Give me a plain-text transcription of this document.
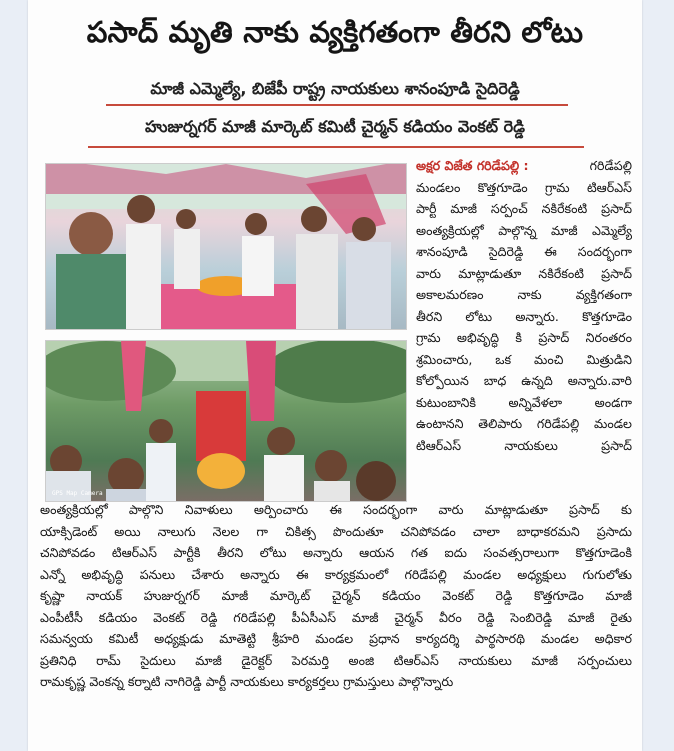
పసాద్ మృతి నాకు వ్యక్తిగతంగా తీరని లోటు
మాజీ ఎమ్మెల్యే, బిజేపీ రాష్ట్ర నాయకులు శానంపూడి సైదిరెడ్డి
హుజుర్నగర్ మాజీ మార్కెట్ కమిటీ చైర్మన్ కడియం వెంకట్ రెడ్డి
GPS Map Camera
అక్షర విజేత గరిడేపల్లి :	గరిడేపల్లి
మండలం కొత్తగూడెం గ్రామ టిఆర్ఎస్
పార్టీ మాజీ సర్పంచ్ నకిరేకంటి ప్రసాద్
అంత్యక్రియల్లో పాల్గొన్న మాజీ ఎమ్మెల్యే
శానంపూడి సైదిరెడ్డి ఈ సందర్భంగా
వారు మాట్లాడుతూ నకిరేకంటి ప్రసాద్
అకాలమరణం నాకు వ్యక్తిగతంగా
తీరని లోటు అన్నారు. కొత్తగూడెం
గ్రామ అభివృద్ధి కి ప్రసాద్ నిరంతరం
శ్రమించారు, ఒక మంచి మిత్రుడిని
కోల్పోయిన బాధ ఉన్నది అన్నారు.వారి
కుటుంబానికి అన్నివేళలా అండగా
ఉంటానని తెలిపారు గరిడేపల్లి మండల
టిఆర్ఎస్ నాయకులు ప్రసాద్
అంత్యక్రియల్లో పాల్గొని నివాళులు అర్పించారు ఈ సందర్భంగా వారు మాట్లాడుతూ ప్రసాద్ కు
యాక్సిడెంట్ అయి నాలుగు నెలల గా చికిత్స పొందుతూ చనిపోవడం చాలా బాధాకరమని ప్రసాదు
చనిపోవడం టిఆర్ఎస్ పార్టీకి తీరని లోటు అన్నారు ఆయన గత ఐదు సంవత్సరాలుగా కొత్తగూడెంకి
ఎన్నో అభివృద్ధి పనులు చేశారు అన్నారు ఈ కార్యక్రమంలో గరిడేపల్లి మండల అధ్యక్షులు గుగులోతు
కృష్ణా నాయక్ హుజుర్నగర్ మాజీ మార్కెట్ చైర్మన్ కడియం వెంకట్ రెడ్డి కొత్తగూడెం మాజీ
ఎంపీటీసీ కడియం వెంకట్ రెడ్డి గరిడేపల్లి పీఏసీఎస్ మాజీ చైర్మన్ వీరం రెడ్డి సెంబిరెడ్డి మాజీ రైతు
సమన్వయ కమిటీ అధ్యక్షుడు మాతెట్టి శ్రీహరి మండల ప్రధాన కార్యదర్శి పార్థసారథి మండల అధికార
ప్రతినిధి రామ్ సైదులు మాజీ డైరెక్టర్ పెరమర్తి అంజి టిఆర్ఎస్ నాయకులు మాజీ సర్పంచులు
రామకృష్ణ వెంకన్న కర్నాటి నాగిరెడ్డి పార్టీ నాయకులు కార్యకర్తలు గ్రామస్తులు పాల్గొన్నారు
